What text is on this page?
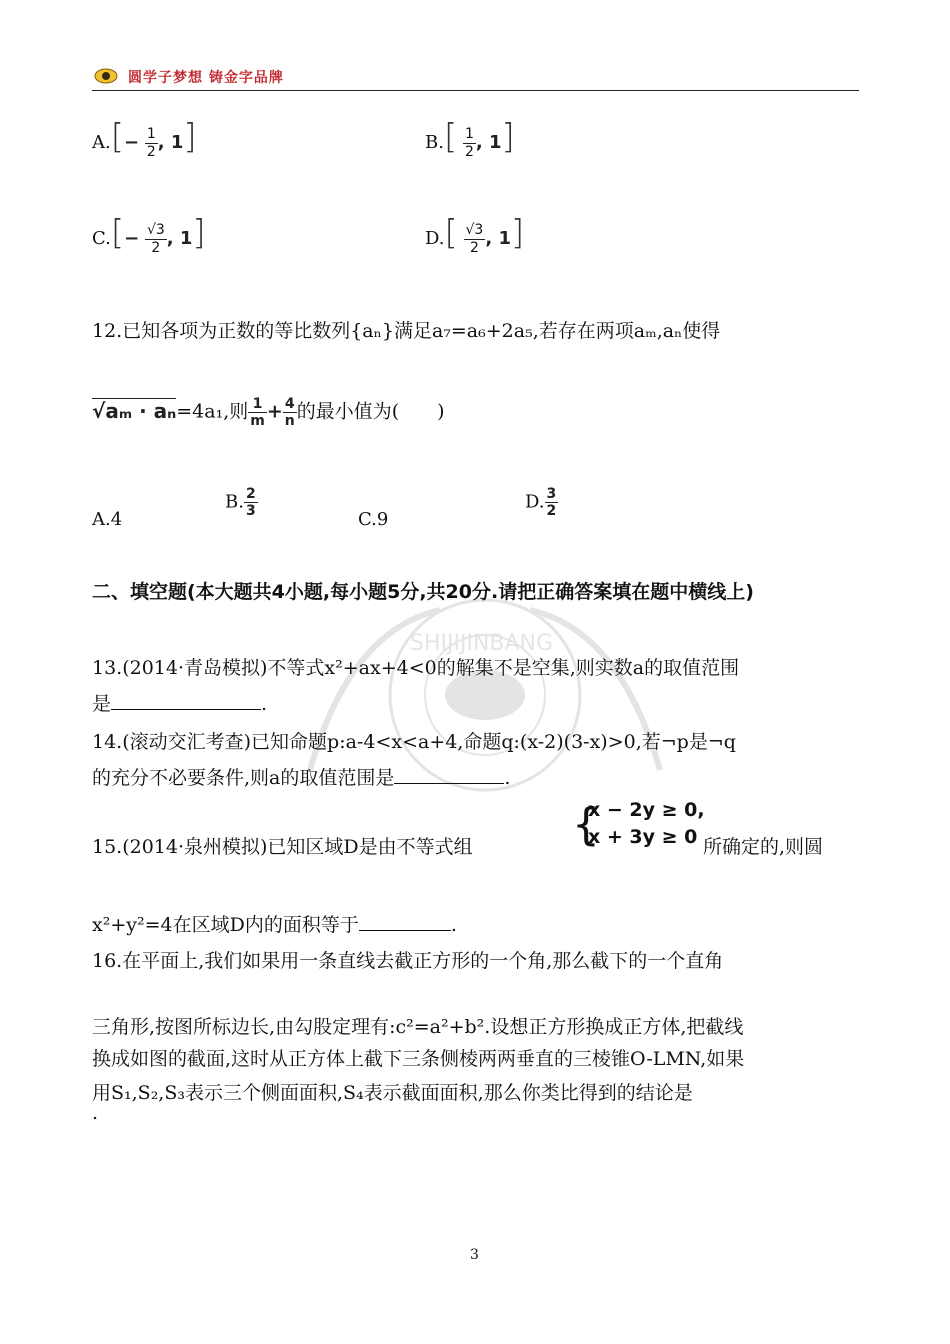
圆学子梦想 铸金字品牌
SHIJIJINBANG
$A.[- \frac{1}{2}$ , 1]	$B.[ \frac{1}{2}$ , 1]
$C.[- \frac{√3}{2}$ , 1]	$D.[ \frac{√3}{2}$ , 1]
12.已知各项为正数的等比数列{aₙ}满足a₇=a₆+2a₅,若存在两项aₘ,aₙ使得
√aₘ · aₙ=4a₁,则 $\frac{1}{m} + \frac{4}{n}$ 的最小值为(　　)
A.4
B. $\frac{2}{3}$
C.9
D. $\frac{3}{2}$
二、填空题(本大题共4小题,每小题5分,共20分.请把正确答案填在题中横线上)
13.(2014·青岛模拟)不等式x²+ax+4<0的解集不是空集,则实数a的取值范围
是	.
14.(滚动交汇考查)已知命题p:a-4<x<a+4,命题q:(x-2)(3-x)>0,若¬p是¬q
的充分不必要条件,则a的取值范围是	.
15.(2014·泉州模拟)已知区域D是由不等式组 {
x − 2y ≥ 0,
x + 3y ≥ 0 所确定的,则圆
x²+y²=4在区域D内的面积等于	.
16.在平面上,我们如果用一条直线去截正方形的一个角,那么截下的一个直角
三角形,按图所标边长,由勾股定理有:c²=a²+b².设想正方形换成正方体,把截线
换成如图的截面,这时从正方体上截下三条侧棱两两垂直的三棱锥O-LMN,如果
用S₁,S₂,S₃表示三个侧面面积,S₄表示截面面积,那么你类比得到的结论是
.
3
